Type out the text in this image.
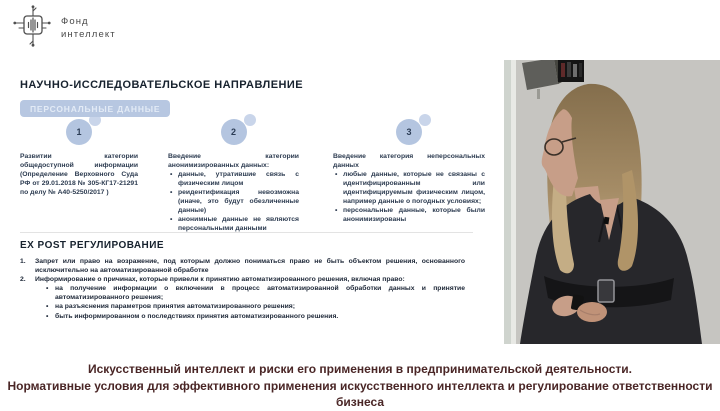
Фонд
интеллект
НАУЧНО-ИССЛЕДОВАТЕЛЬСКОЕ НАПРАВЛЕНИЕ
ПЕРСОНАЛЬНЫЕ ДАННЫЕ
1
Развитии категории общедоступной информации (Определение Верховного Суда РФ от 29.01.2018 № 305-КГ17-21291 по делу № А40-5250/2017 )
2
Введение категории анонимизированных данных:
• данные, утратившие связь с физическим лицом
• реидентификация невозможна (иначе, это будут обезличенные данные)
• анонимные данные не являются персональными данными
3
Введение категория неперсональных данных
• любые данные, которые не связаны с идентифицированным или идентифицируемым физическим лицом, например данные о погодных условиях;
• персональные данные, которые были анонимизированы
EX POST РЕГУЛИРОВАНИЕ
1.	Запрет или право на возражение, под которым должно пониматься право не быть объектом решения, основанного исключительно на автоматизированной обработке
2.	Информирование о причинах, которые привели к принятию автоматизированного решения, включая право:
• на получение информации о включении в процесс автоматизированной обработки данных и принятие автоматизированного решения;
• на разъяснения параметров принятия автоматизированного решения;
• быть информированном о последствиях принятия автоматизированного решения.
Искусственный интеллект и риски его применения в предпринимательской деятельности.
Нормативные условия для эффективного применения искусственного интеллекта и регулирование ответственности бизнеса
